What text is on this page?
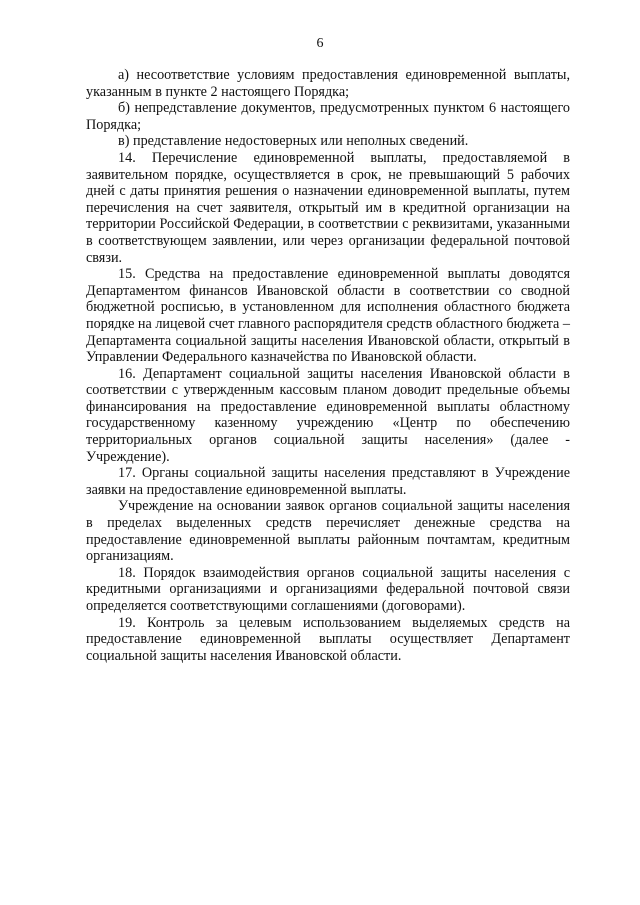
6

а) несоответствие условиям предоставления единовременной выплаты, указанным в пункте 2 настоящего Порядка;

б) непредставление документов, предусмотренных пунктом 6 настоящего Порядка;

в) представление недостоверных или неполных сведений.

14. Перечисление единовременной выплаты, предоставляемой в заявительном порядке, осуществляется в срок, не превышающий 5 рабочих дней с даты принятия решения о назначении единовременной выплаты, путем перечисления на счет заявителя, открытый им в кредитной организации на территории Российской Федерации, в соответствии с реквизитами, указанными в соответствующем заявлении, или через организации федеральной почтовой связи.

15. Средства на предоставление единовременной выплаты доводятся Департаментом финансов Ивановской области в соответствии со сводной бюджетной росписью, в установленном для исполнения областного бюджета порядке на лицевой счет главного распорядителя средств областного бюджета – Департамента социальной защиты населения Ивановской области, открытый в Управлении Федерального казначейства по Ивановской области.

16. Департамент социальной защиты населения Ивановской области в соответствии с утвержденным кассовым планом доводит предельные объемы финансирования на предоставление единовременной выплаты областному государственному казенному учреждению «Центр по обеспечению территориальных органов социальной защиты населения» (далее - Учреждение).

17. Органы социальной защиты населения представляют в Учреждение заявки на предоставление единовременной выплаты.

Учреждение на основании заявок органов социальной защиты населения в пределах выделенных средств перечисляет денежные средства на предоставление единовременной выплаты районным почтамтам, кредитным организациям.

18. Порядок взаимодействия органов социальной защиты населения с кредитными организациями и организациями федеральной почтовой связи определяется соответствующими соглашениями (договорами).

19. Контроль за целевым использованием выделяемых средств на предоставление единовременной выплаты осуществляет Департамент социальной защиты населения Ивановской области.
